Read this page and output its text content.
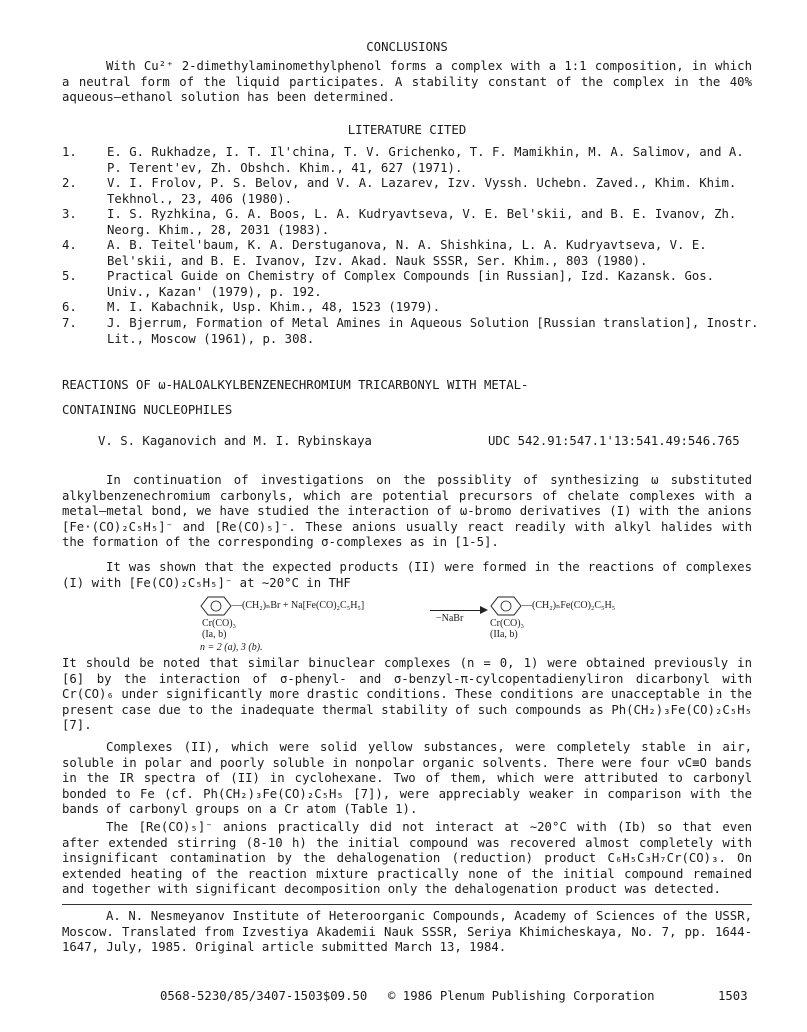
CONCLUSIONS
With Cu²⁺ 2-dimethylaminomethylphenol forms a complex with a 1:1 composition, in which a neutral form of the liquid participates. A stability constant of the complex in the 40% aqueous—ethanol solution has been determined.
LITERATURE CITED
1. E. G. Rukhadze, I. T. Il'china, T. V. Grichenko, T. F. Mamikhin, M. A. Salimov, and A. P. Terent'ev, Zh. Obshch. Khim., 41, 627 (1971).
2. V. I. Frolov, P. S. Belov, and V. A. Lazarev, Izv. Vyssh. Uchebn. Zaved., Khim. Khim. Tekhnol., 23, 406 (1980).
3. I. S. Ryzhkina, G. A. Boos, L. A. Kudryavtseva, V. E. Bel'skii, and B. E. Ivanov, Zh. Neorg. Khim., 28, 2031 (1983).
4. A. B. Teitel'baum, K. A. Derstuganova, N. A. Shishkina, L. A. Kudryavtseva, V. E. Bel'skii, and B. E. Ivanov, Izv. Akad. Nauk SSSR, Ser. Khim., 803 (1980).
5. Practical Guide on Chemistry of Complex Compounds [in Russian], Izd. Kazansk. Gos. Univ., Kazan' (1979), p. 192.
6. M. I. Kabachnik, Usp. Khim., 48, 1523 (1979).
7. J. Bjerrum, Formation of Metal Amines in Aqueous Solution [Russian translation], Inostr. Lit., Moscow (1961), p. 308.
REACTIONS OF ω-HALOALKYLBENZENECHROMIUM TRICARBONYL WITH METAL-
CONTAINING NUCLEOPHILES
V. S. Kaganovich and M. I. Rybinskaya	UDC 542.91:547.1'13:541.49:546.765
In continuation of investigations on the possiblity of synthesizing ω substituted alkylbenzenechromium carbonyls, which are potential precursors of chelate complexes with a metal—metal bond, we have studied the interaction of ω-bromo derivatives (I) with the anions [Fe·(CO)₂C₅H₅]⁻ and [Re(CO)₅]⁻. These anions usually react readily with alkyl halides with the formation of the corresponding σ-complexes as in [1-5].
It was shown that the expected products (II) were formed in the reactions of complexes (I) with [Fe(CO)₂C₅H₅]⁻ at ∼20°C in THF
—(CH₂)ₙBr + Na[Fe(CO)₂C₅H₅]
−NaBr
—(CH₂)ₙFe(CO)₂C₅H₅
Cr(CO)₃
(Ia, b)
Cr(CO)₃
(IIa, b)
n = 2 (a), 3 (b).
It should be noted that similar binuclear complexes (n = 0, 1) were obtained previously in [6] by the interaction of σ-phenyl- and σ-benzyl-π-cylcopentadienyliron dicarbonyl with Cr(CO)₆ under significantly more drastic conditions. These conditions are unacceptable in the present case due to the inadequate thermal stability of such compounds as Ph(CH₂)₃Fe(CO)₂C₅H₅ [7].
Complexes (II), which were solid yellow substances, were completely stable in air, soluble in polar and poorly soluble in nonpolar organic solvents. There were four νC≡O bands in the IR spectra of (II) in cyclohexane. Two of them, which were attributed to carbonyl bonded to Fe (cf. Ph(CH₂)₃Fe(CO)₂C₅H₅ [7]), were appreciably weaker in comparison with the bands of carbonyl groups on a Cr atom (Table 1).
The [Re(CO)₅]⁻ anions practically did not interact at ∼20°C with (Ib) so that even after extended stirring (8-10 h) the initial compound was recovered almost completely with insignificant contamination by the dehalogenation (reduction) product C₆H₅C₃H₇Cr(CO)₃. On extended heating of the reaction mixture practically none of the initial compound remained and together with significant decomposition only the dehalogenation product was detected.
A. N. Nesmeyanov Institute of Heteroorganic Compounds, Academy of Sciences of the USSR, Moscow. Translated from Izvestiya Akademii Nauk SSSR, Seriya Khimicheskaya, No. 7, pp. 1644-1647, July, 1985. Original article submitted March 13, 1984.
0568-5230/85/3407-1503$09.50 © 1986 Plenum Publishing Corporation	1503
